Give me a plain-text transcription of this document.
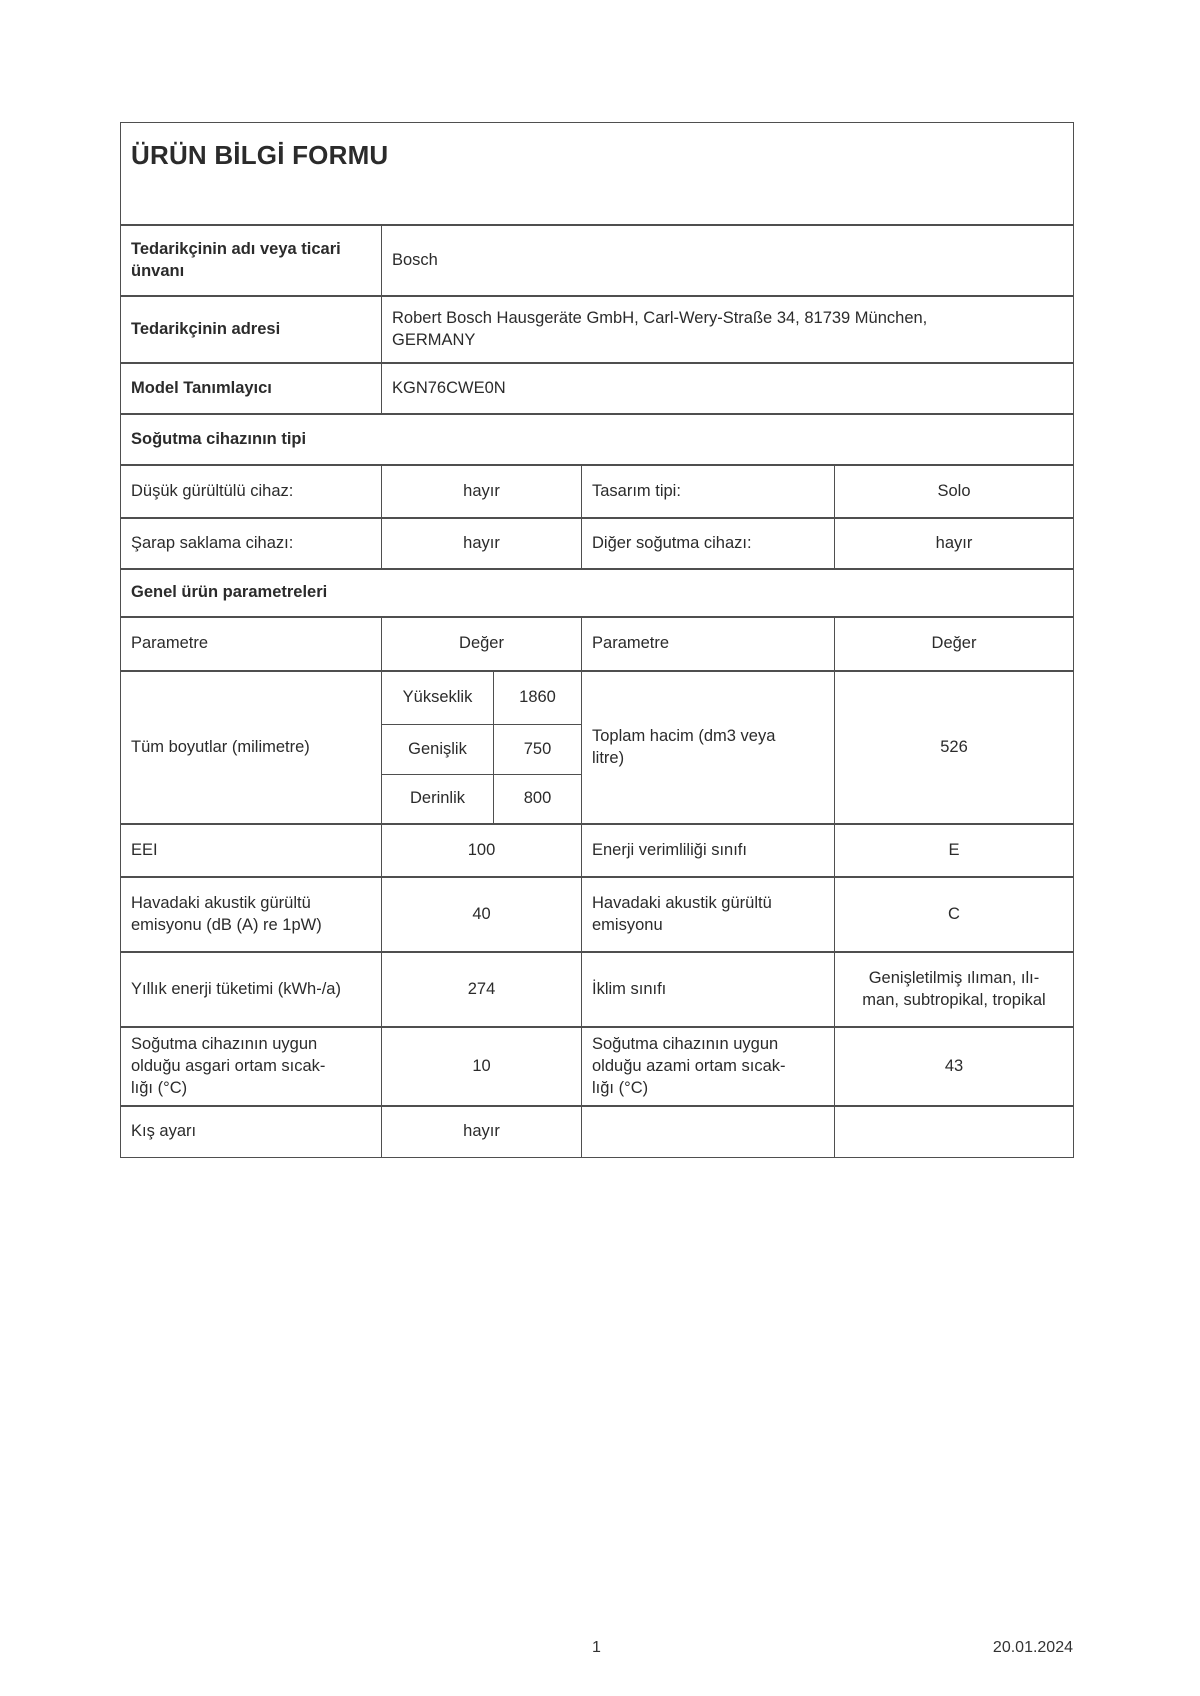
ÜRÜN BİLGİ FORMU
Tedarikçinin adı veya ticari ünvanı	Bosch
Tedarikçinin adresi	Robert Bosch Hausgeräte GmbH, Carl-Wery-Straße 34, 81739 München, GERMANY
Model Tanımlayıcı	KGN76CWE0N
Soğutma cihazının tipi
Düşük gürültülü cihaz:	hayır	Tasarım tipi:	Solo
Şarap saklama cihazı:	hayır	Diğer soğutma cihazı:	hayır
Genel ürün parametreleri
Parametre	Değer	Parametre	Değer
Tüm boyutlar (milimetre)	Yükseklik	1860	Toplam hacim (dm3 veya litre)	526
	Genişlik	750		
	Derinlik	800		
EEI	100	Enerji verimliliği sınıfı	E
Havadaki akustik gürültü emisyonu (dB (A) re 1pW)	40	Havadaki akustik gürültü emisyonu	C
Yıllık enerji tüketimi (kWh-/a)	274	İklim sınıfı	Genişletilmiş ılıman, ılı-man, subtropikal, tropikal
Soğutma cihazının uygun olduğu asgari ortam sıcak-lığı (°C)	10	Soğutma cihazının uygun olduğu azami ortam sıcak-lığı (°C)	43
Kış ayarı	hayır		
1	20.01.2024
